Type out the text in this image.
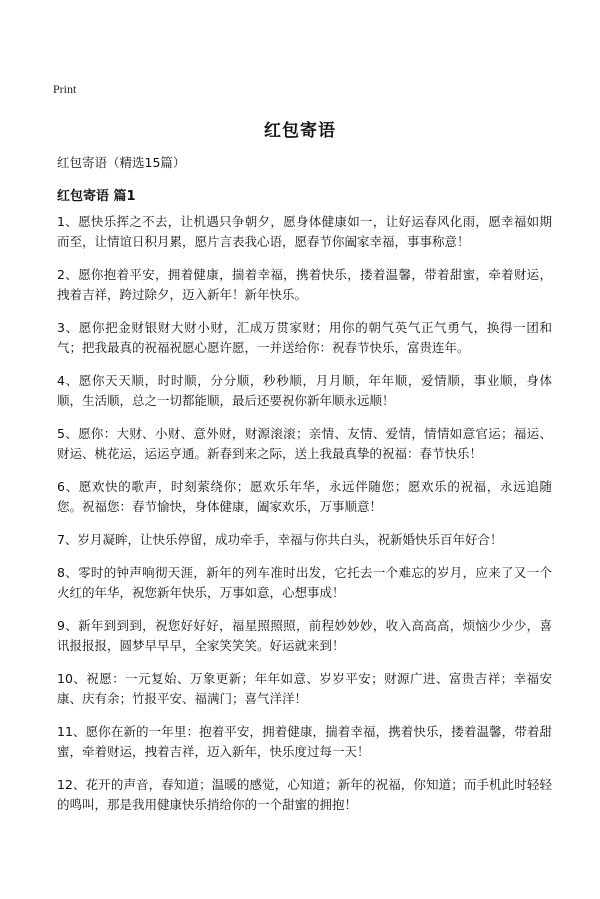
Print
红包寄语
红包寄语（精选15篇）
红包寄语 篇1

1、愿快乐挥之不去，让机遇只争朝夕，愿身体健康如一，让好运春风化雨，愿幸福如期而至，让情谊日积月累，愿片言表我心语，愿春节你阖家幸福，事事称意！

2、愿你抱着平安，拥着健康，揣着幸福，携着快乐，搂着温馨，带着甜蜜，牵着财运，拽着吉祥，跨过除夕，迈入新年！新年快乐。

3、愿你把金财银财大财小财，汇成万贯家财；用你的朝气英气正气勇气，换得一团和气；把我最真的祝福祝愿心愿许愿，一并送给你：祝春节快乐，富贵连年。

4、愿你天天顺，时时顺，分分顺，秒秒顺，月月顺，年年顺，爱情顺，事业顺，身体顺，生活顺，总之一切都能顺，最后还要祝你新年顺永远顺！

5、愿你：大财、小财、意外财，财源滚滚；亲情、友情、爱情，情情如意官运；福运、财运、桃花运，运运亨通。新春到来之际，送上我最真挚的祝福：春节快乐！

6、愿欢快的歌声，时刻萦绕你；愿欢乐年华，永远伴随您；愿欢乐的祝福，永远追随您。祝福您：春节愉快，身体健康，阖家欢乐，万事顺意！

7、岁月凝眸，让快乐停留，成功牵手，幸福与你共白头，祝新婚快乐百年好合！

8、零时的钟声响彻天涯，新年的列车准时出发，它托去一个难忘的岁月，应来了又一个火红的年华，祝您新年快乐，万事如意，心想事成！

9、新年到到到，祝您好好好，福星照照照，前程妙妙妙，收入高高高，烦恼少少少，喜讯报报报，圆梦早早早，全家笑笑笑。好运就来到！

10、祝愿：一元复始、万象更新；年年如意、岁岁平安；财源广进、富贵吉祥；幸福安康、庆有余；竹报平安、福满门；喜气洋洋！

11、愿你在新的一年里：抱着平安，拥着健康，揣着幸福，携着快乐，搂着温馨，带着甜蜜，牵着财运，拽着吉祥，迈入新年，快乐度过每一天！

12、花开的声音，春知道；温暖的感觉，心知道；新年的祝福，你知道；而手机此时轻轻的鸣叫，那是我用健康快乐捎给你的一个甜蜜的拥抱！
